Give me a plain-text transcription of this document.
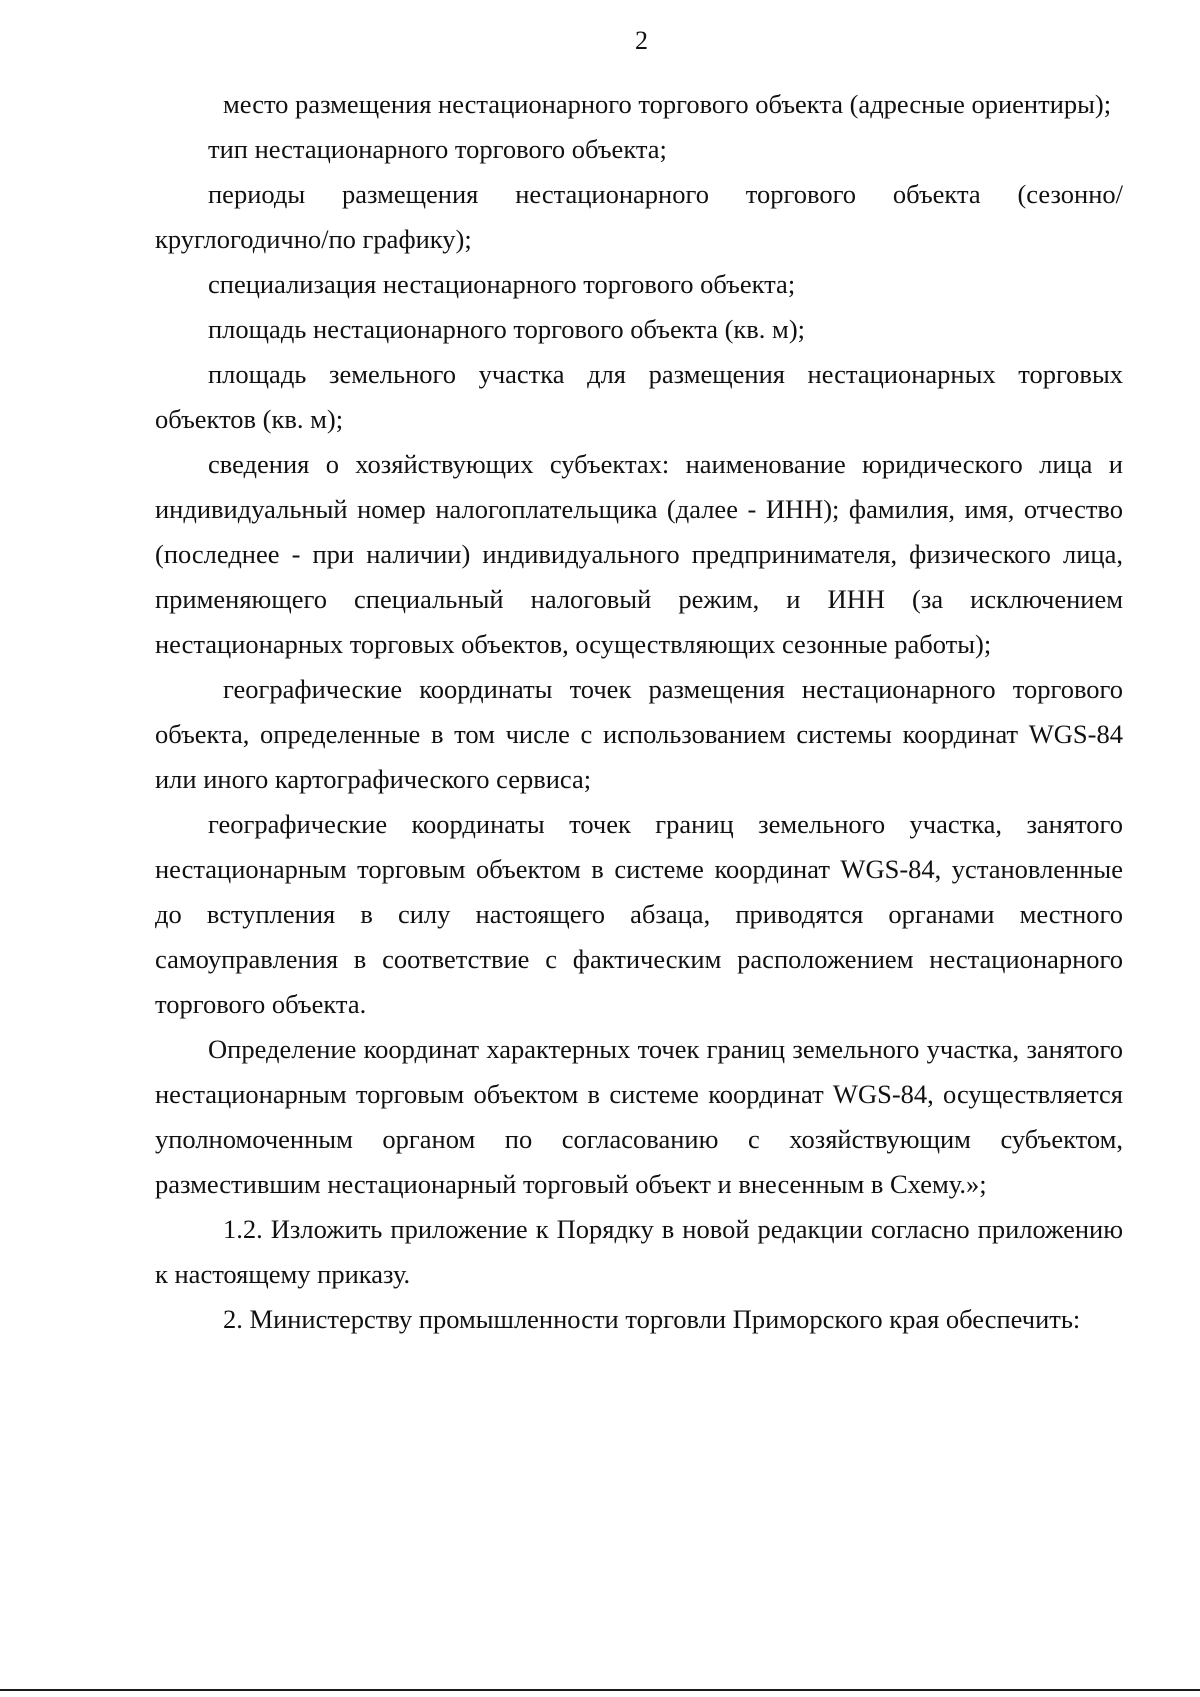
2

место размещения нестационарного торгового объекта (адресные ориентиры);

тип нестационарного торгового объекта;

периоды размещения нестационарного торгового объекта (сезонно/круглогодично/по графику);

специализация нестационарного торгового объекта;

площадь нестационарного торгового объекта (кв. м);

площадь земельного участка для размещения нестационарных торговых объектов (кв. м);

сведения о хозяйствующих субъектах: наименование юридического лица и индивидуальный номер налогоплательщика (далее - ИНН); фамилия, имя, отчество (последнее - при наличии) индивидуального предпринимателя, физического лица, применяющего специальный налоговый режим, и ИНН (за исключением нестационарных торговых объектов, осуществляющих сезонные работы);

географические координаты точек размещения нестационарного торгового объекта, определенные в том числе с использованием системы координат WGS-84 или иного картографического сервиса;

географические координаты точек границ земельного участка, занятого нестационарным торговым объектом в системе координат WGS-84, установленные до вступления в силу настоящего абзаца, приводятся органами местного самоуправления в соответствие с фактическим расположением нестационарного торгового объекта.

Определение координат характерных точек границ земельного участка, занятого нестационарным торговым объектом в системе координат WGS-84, осуществляется уполномоченным органом по согласованию с хозяйствующим субъектом, разместившим нестационарный торговый объект и внесенным в Схему.»;

1.2. Изложить приложение к Порядку в новой редакции согласно приложению к настоящему приказу.

2. Министерству промышленности торговли Приморского края обеспечить:
